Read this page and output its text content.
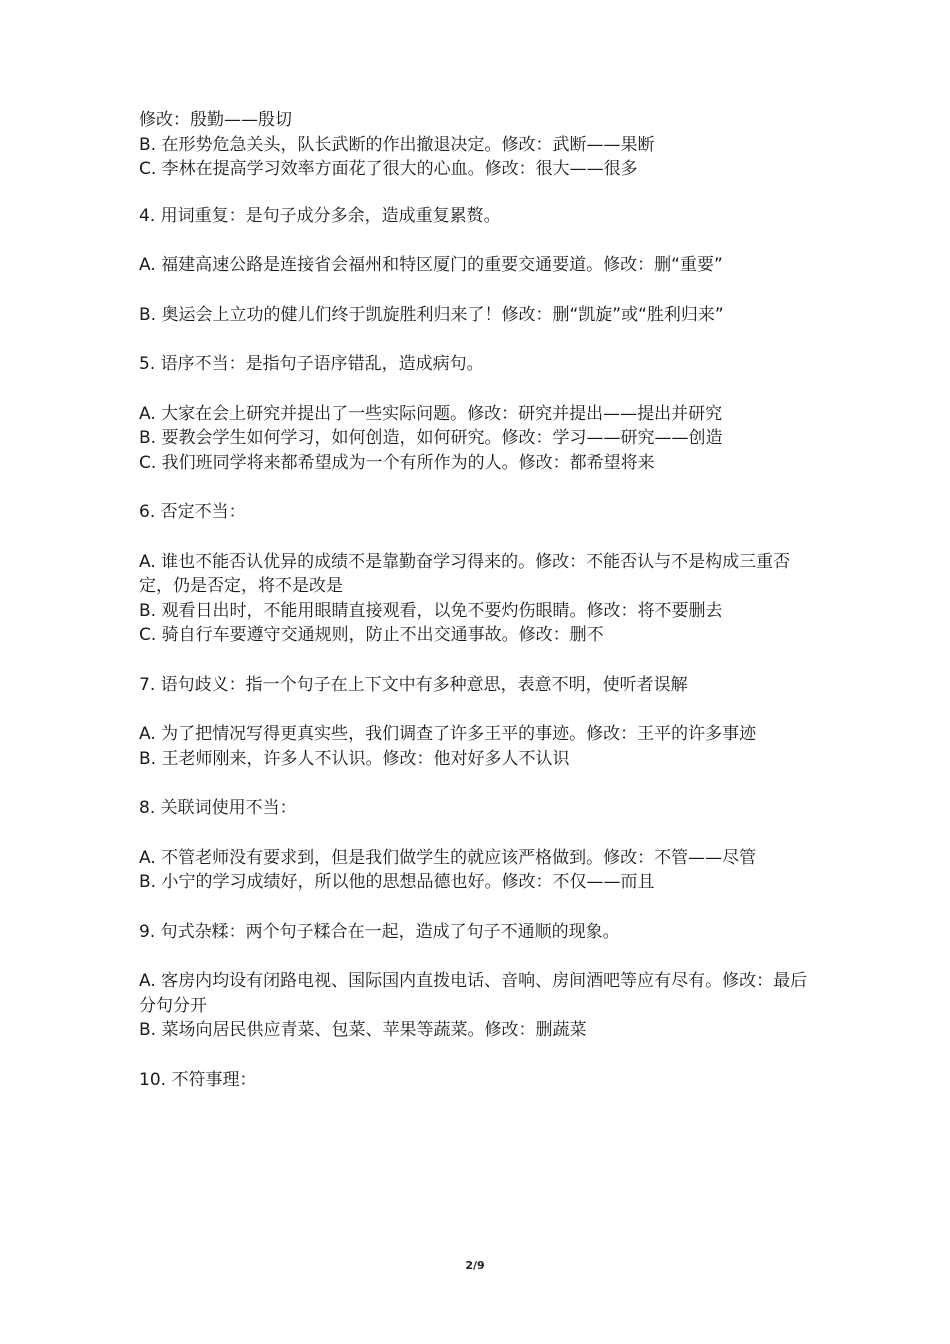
修改：殷勤——殷切

B. 在形势危急关头，队长武断的作出撤退决定。修改：武断——果断

C. 李林在提高学习效率方面花了很大的心血。修改：很大——很多

4. 用词重复：是句子成分多余，造成重复累赘。

A. 福建高速公路是连接省会福州和特区厦门的重要交通要道。修改：删“重要”

B. 奥运会上立功的健儿们终于凯旋胜利归来了！修改：删“凯旋”或“胜利归来”

5. 语序不当：是指句子语序错乱，造成病句。

A. 大家在会上研究并提出了一些实际问题。修改：研究并提出——提出并研究

B. 要教会学生如何学习，如何创造，如何研究。修改：学习——研究——创造

C. 我们班同学将来都希望成为一个有所作为的人。修改：都希望将来

6. 否定不当：

A. 谁也不能否认优异的成绩不是靠勤奋学习得来的。修改：不能否认与不是构成三重否定，仍是否定，将不是改是

B. 观看日出时，不能用眼睛直接观看，以免不要灼伤眼睛。修改：将不要删去

C. 骑自行车要遵守交通规则，防止不出交通事故。修改：删不

7. 语句歧义：指一个句子在上下文中有多种意思，表意不明，使听者误解

A. 为了把情况写得更真实些，我们调查了许多王平的事迹。修改：王平的许多事迹

B. 王老师刚来，许多人不认识。修改：他对好多人不认识

8. 关联词使用不当：

A. 不管老师没有要求到，但是我们做学生的就应该严格做到。修改：不管——尽管

B. 小宁的学习成绩好，所以他的思想品德也好。修改：不仅——而且

9. 句式杂糅：两个句子糅合在一起，造成了句子不通顺的现象。

A. 客房内均设有闭路电视、国际国内直拨电话、音响、房间酒吧等应有尽有。修改：最后分句分开

B. 菜场向居民供应青菜、包菜、苹果等蔬菜。修改：删蔬菜

10. 不符事理：

2/9
